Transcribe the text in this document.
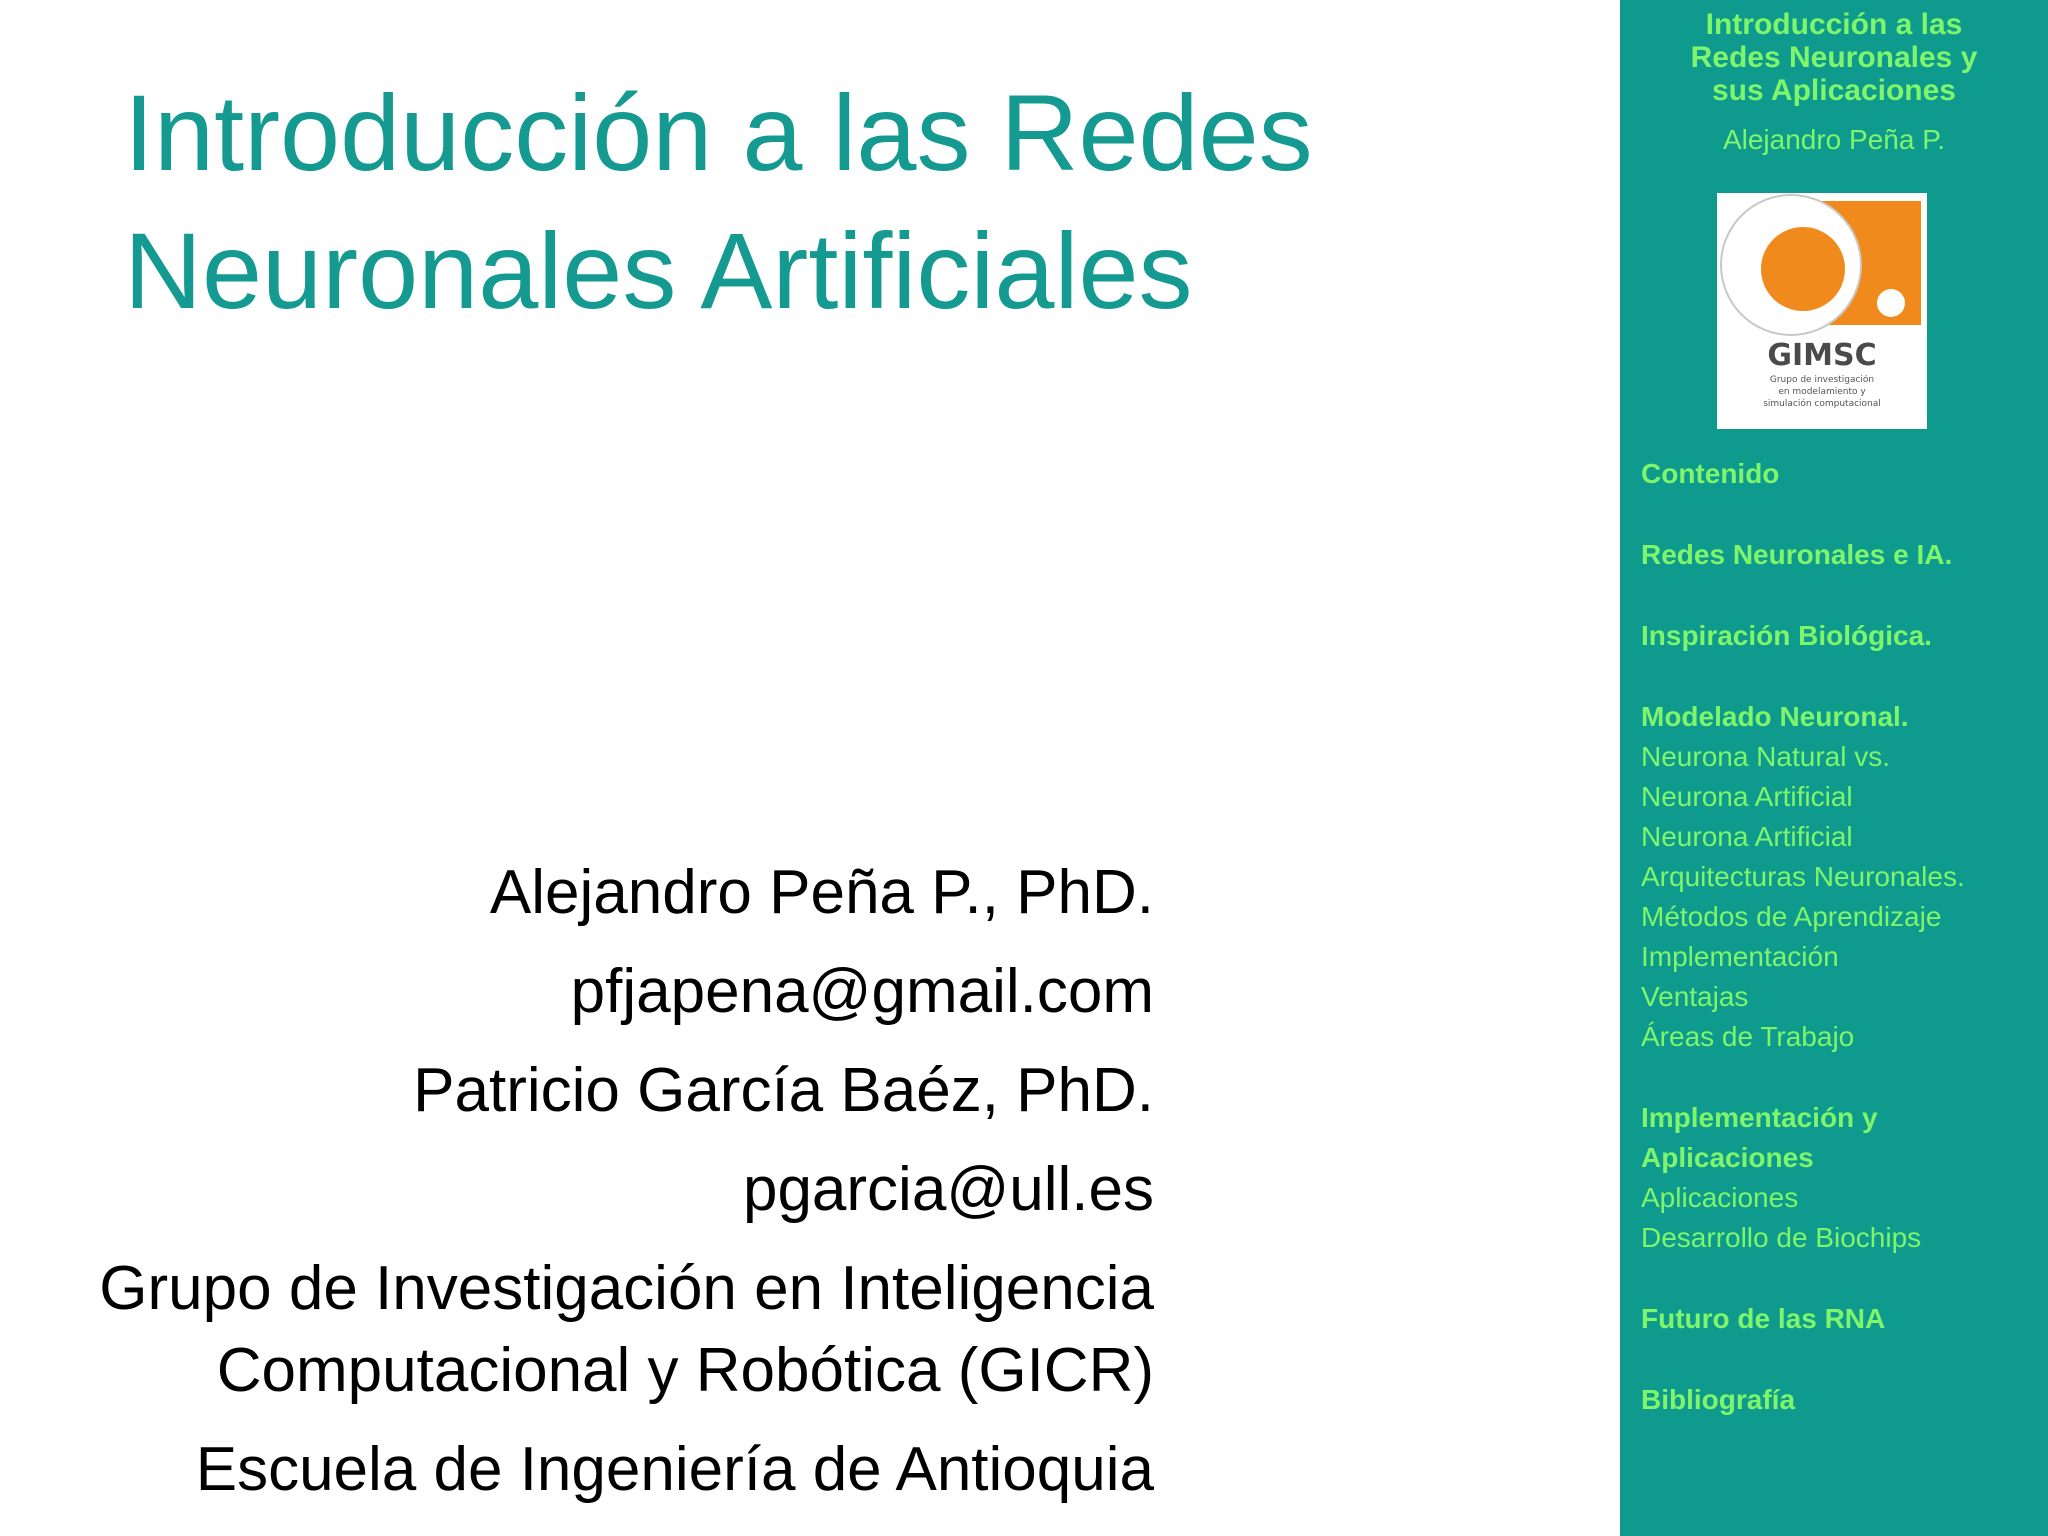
Introducción a las Redes
Neuronales Artificiales
Alejandro Peña P., PhD.
pfjapena@gmail.com
Patricio García Baéz, PhD.
pgarcia@ull.es
Grupo de Investigación en Inteligencia
Computacional y Robótica (GICR)
Escuela de Ingeniería de Antioquia
Introducción a las
Redes Neuronales y
sus Aplicaciones
Alejandro Peña P.
GIMSC
Grupo de investigación
en modelamiento y
simulación computacional
Contenido
Redes Neuronales e IA.
Inspiración Biológica.
Modelado Neuronal.
Neurona Natural vs.
Neurona Artificial
Neurona Artificial
Arquitecturas Neuronales.
Métodos de Aprendizaje
Implementación
Ventajas
Áreas de Trabajo
Implementación y
Aplicaciones
Aplicaciones
Desarrollo de Biochips
Futuro de las RNA
Bibliografía
